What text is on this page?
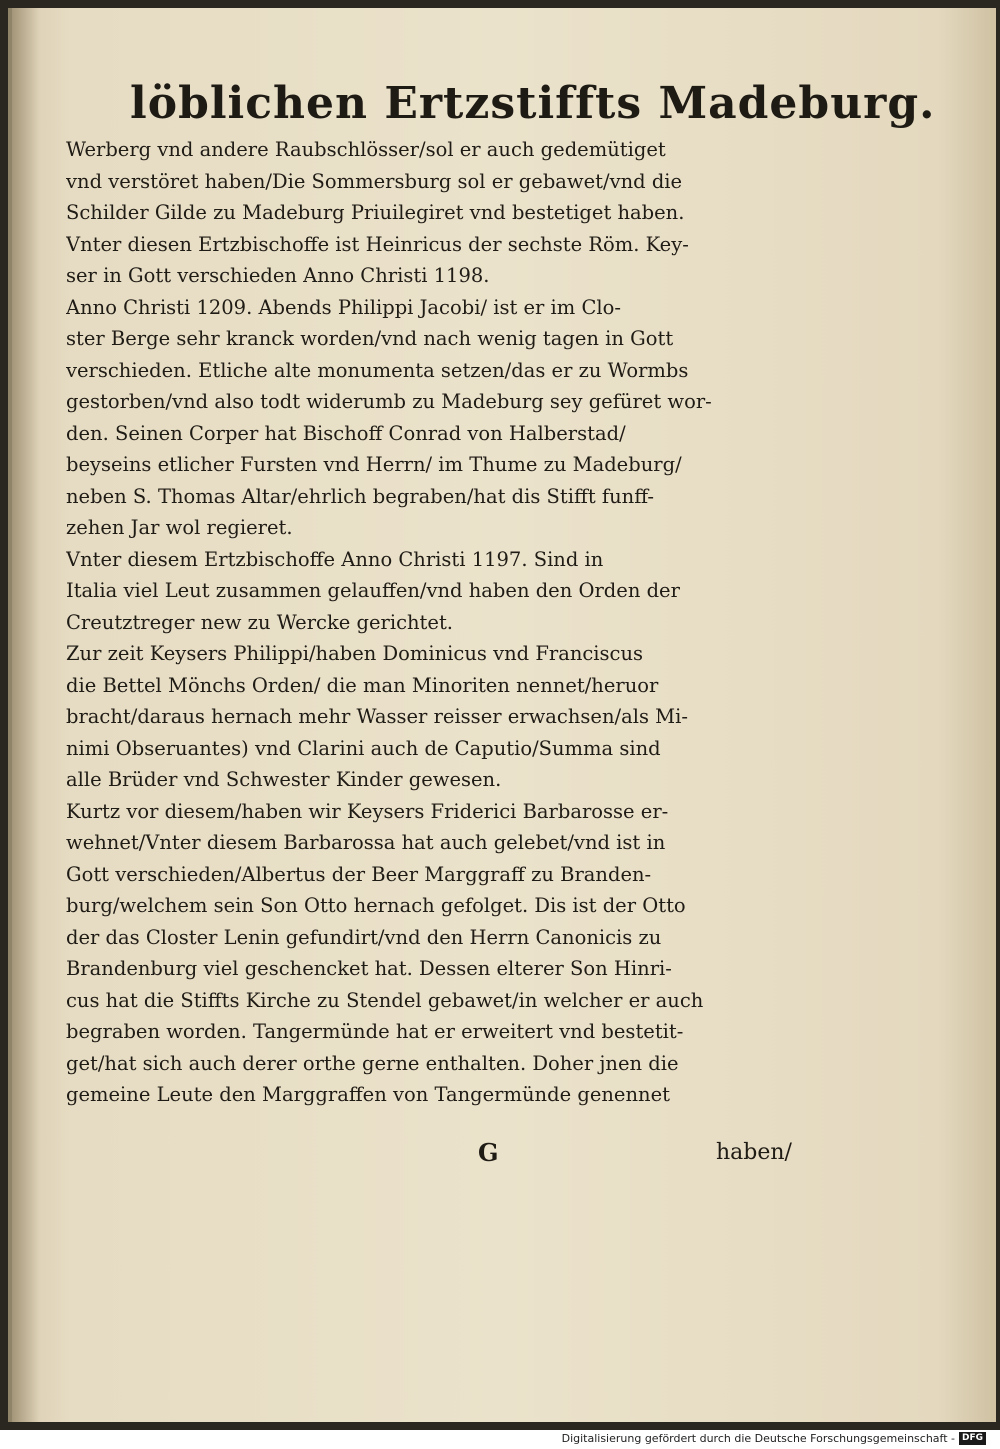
löblichen Ertzstiffts Madeburg.
Werberg vnd andere Raubschlösser/sol er auch gedemütiget
vnd verstöret haben/Die Sommersburg sol er gebawet/vnd die
Schilder Gilde zu Madeburg Priuilegiret vnd bestetiget haben.
Vnter diesen Ertzbischoffe ist Heinricus der sechste Röm. Key-
ser in Gott verschieden Anno Christi 1198.
Anno Christi 1209. Abends Philippi Jacobi/ ist er im Clo-
ster Berge sehr kranck worden/vnd nach wenig tagen in Gott
verschieden. Etliche alte monumenta setzen/das er zu Wormbs
gestorben/vnd also todt widerumb zu Madeburg sey gefüret wor-
den. Seinen Corper hat Bischoff Conrad von Halberstad/
beyseins etlicher Fursten vnd Herrn/ im Thume zu Madeburg/
neben S. Thomas Altar/ehrlich begraben/hat dis Stifft funff-
zehen Jar wol regieret.
Vnter diesem Ertzbischoffe Anno Christi 1197. Sind in
Italia viel Leut zusammen gelauffen/vnd haben den Orden der
Creutztreger new zu Wercke gerichtet.
Zur zeit Keysers Philippi/haben Dominicus vnd Franciscus
die Bettel Mönchs Orden/ die man Minoriten nennet/heruor
bracht/daraus hernach mehr Wasser reisser erwachsen/als Mi-
nimi Obseruantes) vnd Clarini auch de Caputio/Summa sind
alle Brüder vnd Schwester Kinder gewesen.
Kurtz vor diesem/haben wir Keysers Friderici Barbarosse er-
wehnet/Vnter diesem Barbarossa hat auch gelebet/vnd ist in
Gott verschieden/Albertus der Beer Marggraff zu Branden-
burg/welchem sein Son Otto hernach gefolget. Dis ist der Otto
der das Closter Lenin gefundirt/vnd den Herrn Canonicis zu
Brandenburg viel geschencket hat. Dessen elterer Son Hinri-
cus hat die Stiffts Kirche zu Stendel gebawet/in welcher er auch
begraben worden. Tangermünde hat er erweitert vnd bestetit-
get/hat sich auch derer orthe gerne enthalten. Doher jnen die
gemeine Leute den Marggraffen von Tangermünde genennet
G	haben/
Digitalisierung gefördert durch die Deutsche Forschungsgemeinschaft - DFG
